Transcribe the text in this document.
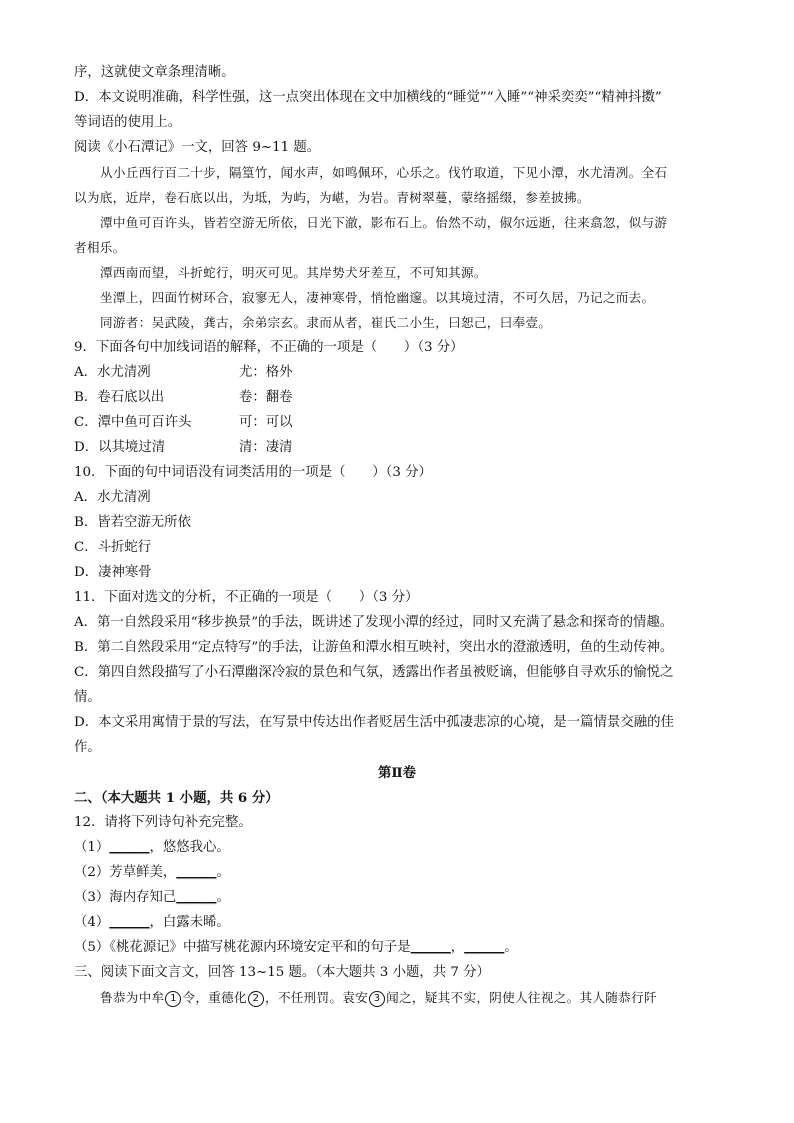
序，这就使文章条理清晰。
D．本文说明准确，科学性强，这一点突出体现在文中加横线的“睡觉”“入睡”“神采奕奕”“精神抖擞”
等词语的使用上。
阅读《小石潭记》一文，回答 9~11 题。
从小丘西行百二十步，隔篁竹，闻水声，如鸣佩环，心乐之。伐竹取道，下见小潭，水尤清冽。全石
以为底，近岸，卷石底以出，为坻，为屿，为嵁，为岩。青树翠蔓，蒙络摇缀，参差披拂。
潭中鱼可百许头，皆若空游无所依，日光下澈，影布石上。佁然不动，俶尔远逝，往来翕忽，似与游
者相乐。
潭西南而望，斗折蛇行，明灭可见。其岸势犬牙差互，不可知其源。
坐潭上，四面竹树环合，寂寥无人，凄神寒骨，悄怆幽邃。以其境过清，不可久居，乃记之而去。
同游者：吴武陵，龚古，余弟宗玄。隶而从者，崔氏二小生，曰恕己，曰奉壹。
9．下面各句中加线词语的解释，不正确的一项是（　　）（3 分）
A．水尤清冽	尤：格外
B．卷石底以出	卷：翻卷
C．潭中鱼可百许头	可：可以
D．以其境过清	清：凄清
10．下面的句中词语没有词类活用的一项是（　　）（3 分）
A．水尤清冽
B．皆若空游无所依
C．斗折蛇行
D．凄神寒骨
11．下面对选文的分析，不正确的一项是（　　）（3 分）
A．第一自然段采用“移步换景”的手法，既讲述了发现小潭的经过，同时又充满了悬念和探奇的情趣。
B．第二自然段采用“定点特写”的手法，让游鱼和潭水相互映衬，突出水的澄澈透明，鱼的生动传神。
C．第四自然段描写了小石潭幽深冷寂的景色和气氛，透露出作者虽被贬谪，但能够自寻欢乐的愉悦之
情。
D．本文采用寓情于景的写法，在写景中传达出作者贬居生活中孤凄悲凉的心境，是一篇情景交融的佳
作。
第Ⅱ卷
二、（本大题共 1 小题，共 6 分）
12．请将下列诗句补充完整。
（1）______，悠悠我心。
（2）芳草鲜美，______。
（3）海内存知己______。
（4）______，白露未晞。
（5）《桃花源记》中描写桃花源内环境安定平和的句子是______，______。
三、阅读下面文言文，回答 13~15 题。（本大题共 3 小题，共 7 分）
鲁恭为中牟 1 令，重德化 2 ，不任刑罚。袁安 3 闻之，疑其不实，阴使人往视之。其人随恭行阡
